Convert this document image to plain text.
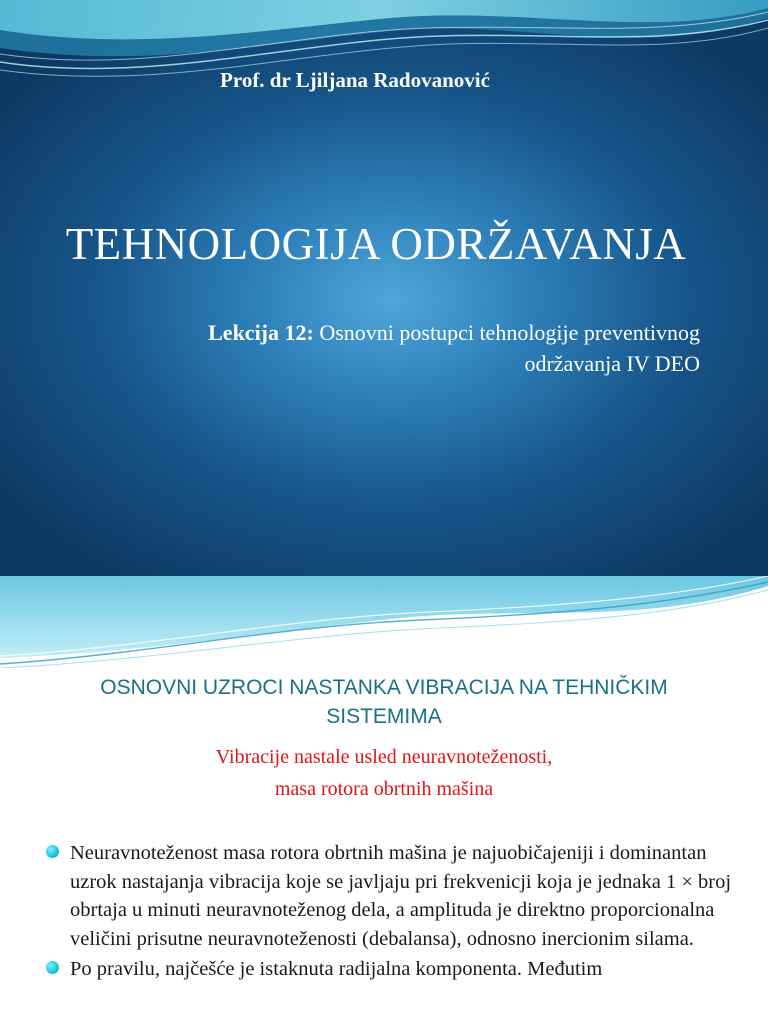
Prof. dr Ljiljana Radovanović
TEHNOLOGIJA ODRŽAVANJA
Lekcija 12: Osnovni postupci tehnologije preventivnog
održavanja IV DEO
OSNOVNI UZROCI NASTANKA VIBRACIJA NA TEHNIČKIM SISTEMIMA
Vibracije nastale usled neuravnoteženosti,
masa rotora obrtnih mašina
Neuravnoteženost masa rotora obrtnih mašina je najuobičajeniji i dominantan uzrok nastajanja vibracija koje se javljaju pri frekvenicji koja je jednaka 1 × broj obrtaja u minuti neuravnoteženog dela, a amplituda je direktno proporcionalna veličini prisutne neuravnoteženosti (debalansa), odnosno inercionim silama.
Po pravilu, najčešće je istaknuta radijalna komponenta. Međutim
